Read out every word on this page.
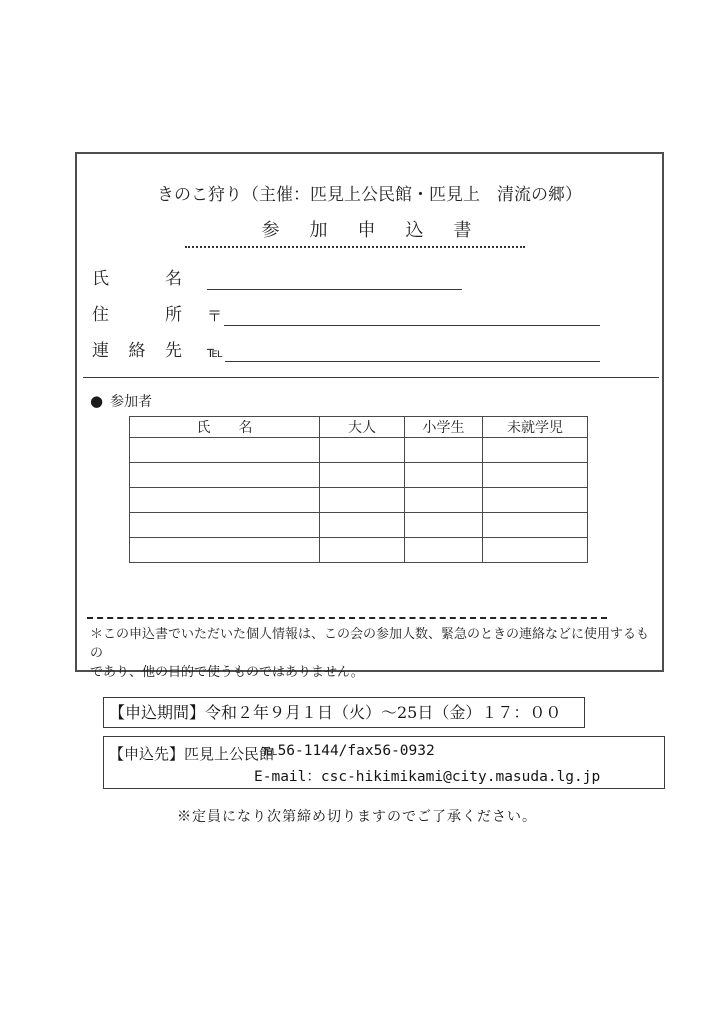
きのこ狩り（主催：匹見上公民館・匹見上　清流の郷）
参　加　申　込　書
氏名
住所 〒
連絡先 ℡
● 参加者
氏　　名	大人	小学生	未就学児

＊この申込書でいただいた個人情報は、この会の参加人数、緊急のときの連絡などに使用するもの
であり、他の目的で使うものではありません。
【申込期間】令和２年９月１日（火）～25日（金）１７：００
【申込先】匹見上公民館
℡56-1144/fax56-0932
E-mail：csc-hikimikami@city.masuda.lg.jp
※定員になり次第締め切りますのでご了承ください。
